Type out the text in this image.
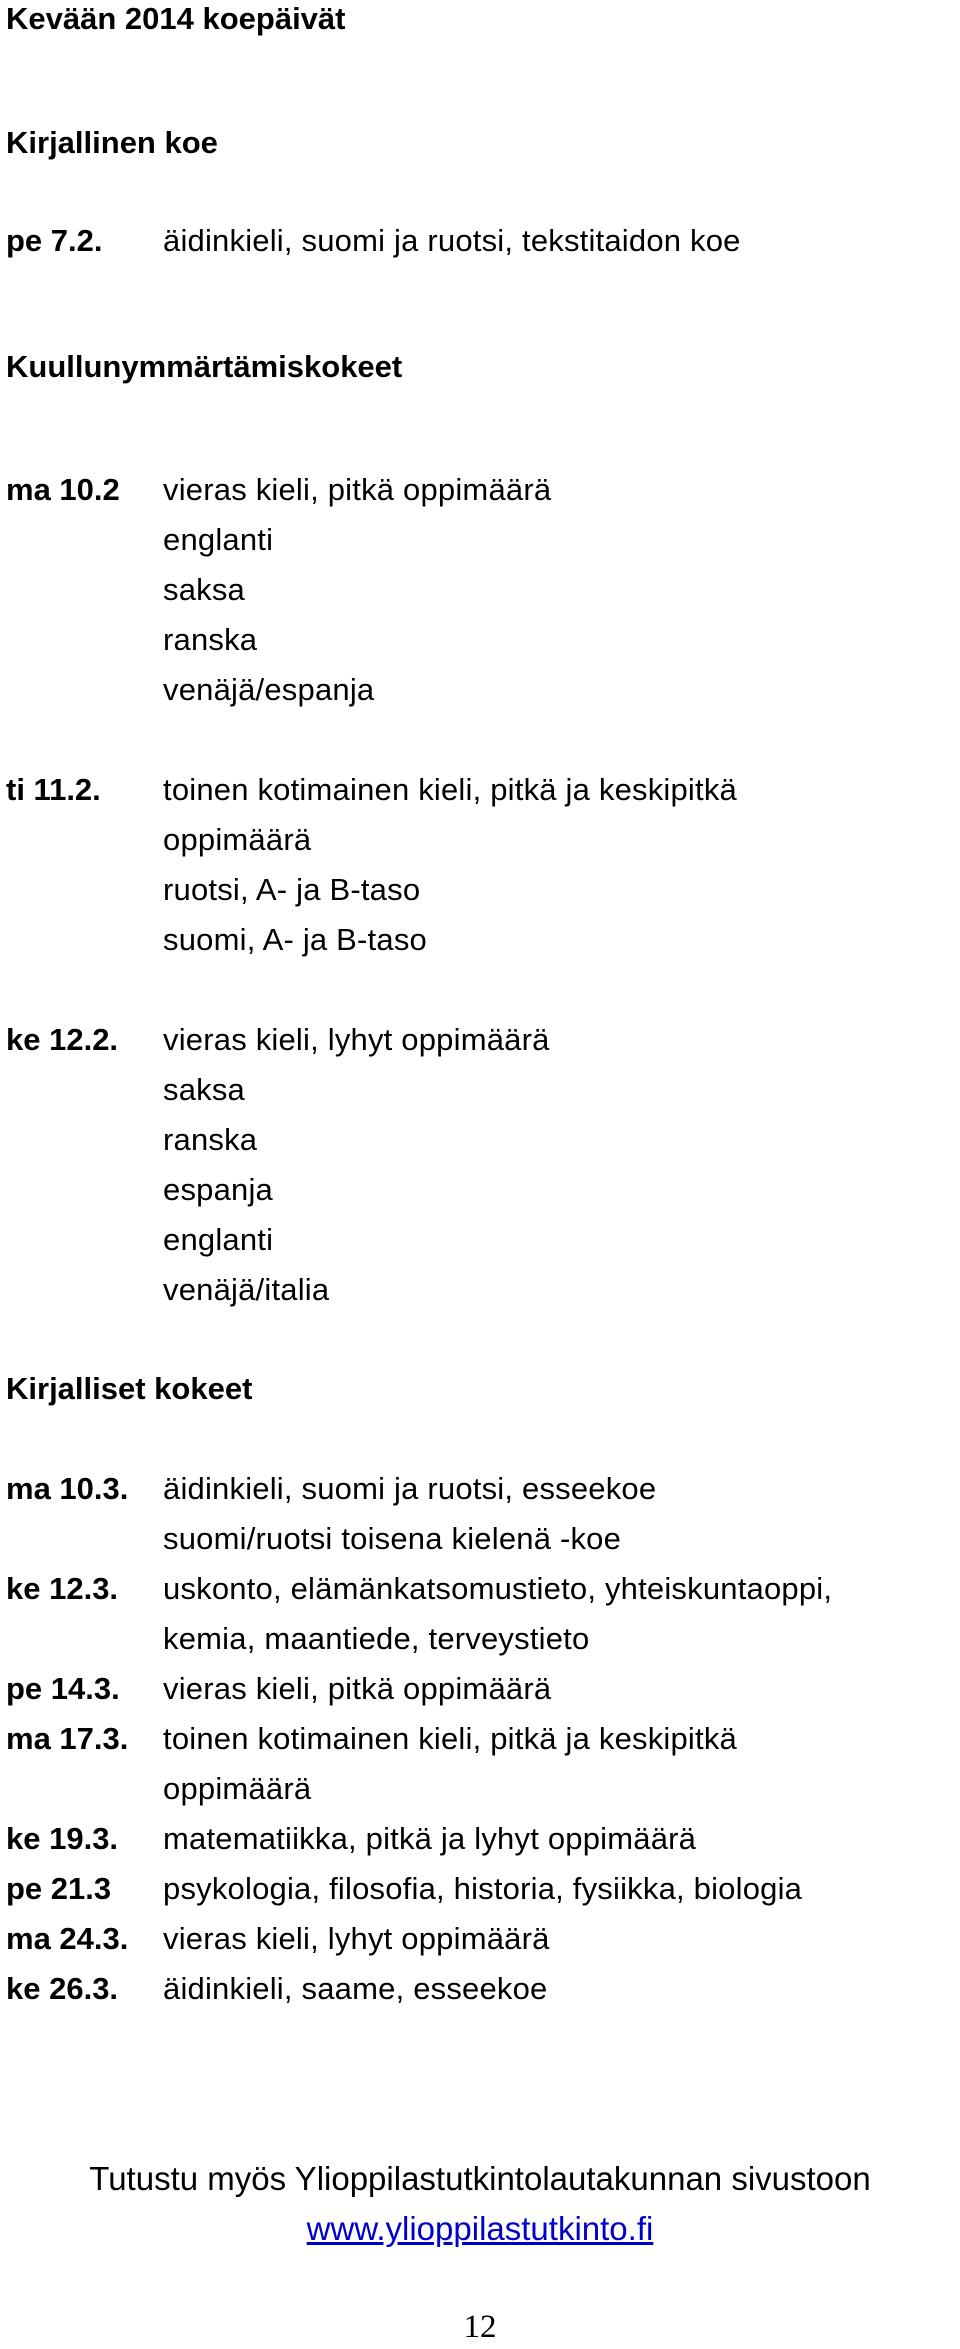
Kevään 2014 koepäivät
Kirjallinen koe
pe 7.2. äidinkieli, suomi ja ruotsi, tekstitaidon koe
Kuullunymmärtämiskokeet
ma 10.2 vieras kieli, pitkä oppimäärä
englanti
saksa
ranska
venäjä/espanja
ti 11.2. toinen kotimainen kieli, pitkä ja keskipitkä
oppimäärä
ruotsi, A- ja B-taso
suomi, A- ja B-taso
ke 12.2. vieras kieli, lyhyt oppimäärä
saksa
ranska
espanja
englanti
venäjä/italia
Kirjalliset kokeet
ma 10.3. äidinkieli, suomi ja ruotsi, esseekoe
suomi/ruotsi toisena kielenä -koe
ke 12.3. uskonto, elämänkatsomustieto, yhteiskuntaoppi,
kemia, maantiede, terveystieto
pe 14.3. vieras kieli, pitkä oppimäärä
ma 17.3. toinen kotimainen kieli, pitkä ja keskipitkä
oppimäärä
ke 19.3. matematiikka, pitkä ja lyhyt oppimäärä
pe 21.3 psykologia, filosofia, historia, fysiikka, biologia
ma 24.3. vieras kieli, lyhyt oppimäärä
ke 26.3. äidinkieli, saame, esseekoe
Tutustu myös Ylioppilastutkintolautakunnan sivustoon
www.ylioppilastutkinto.fi
12
